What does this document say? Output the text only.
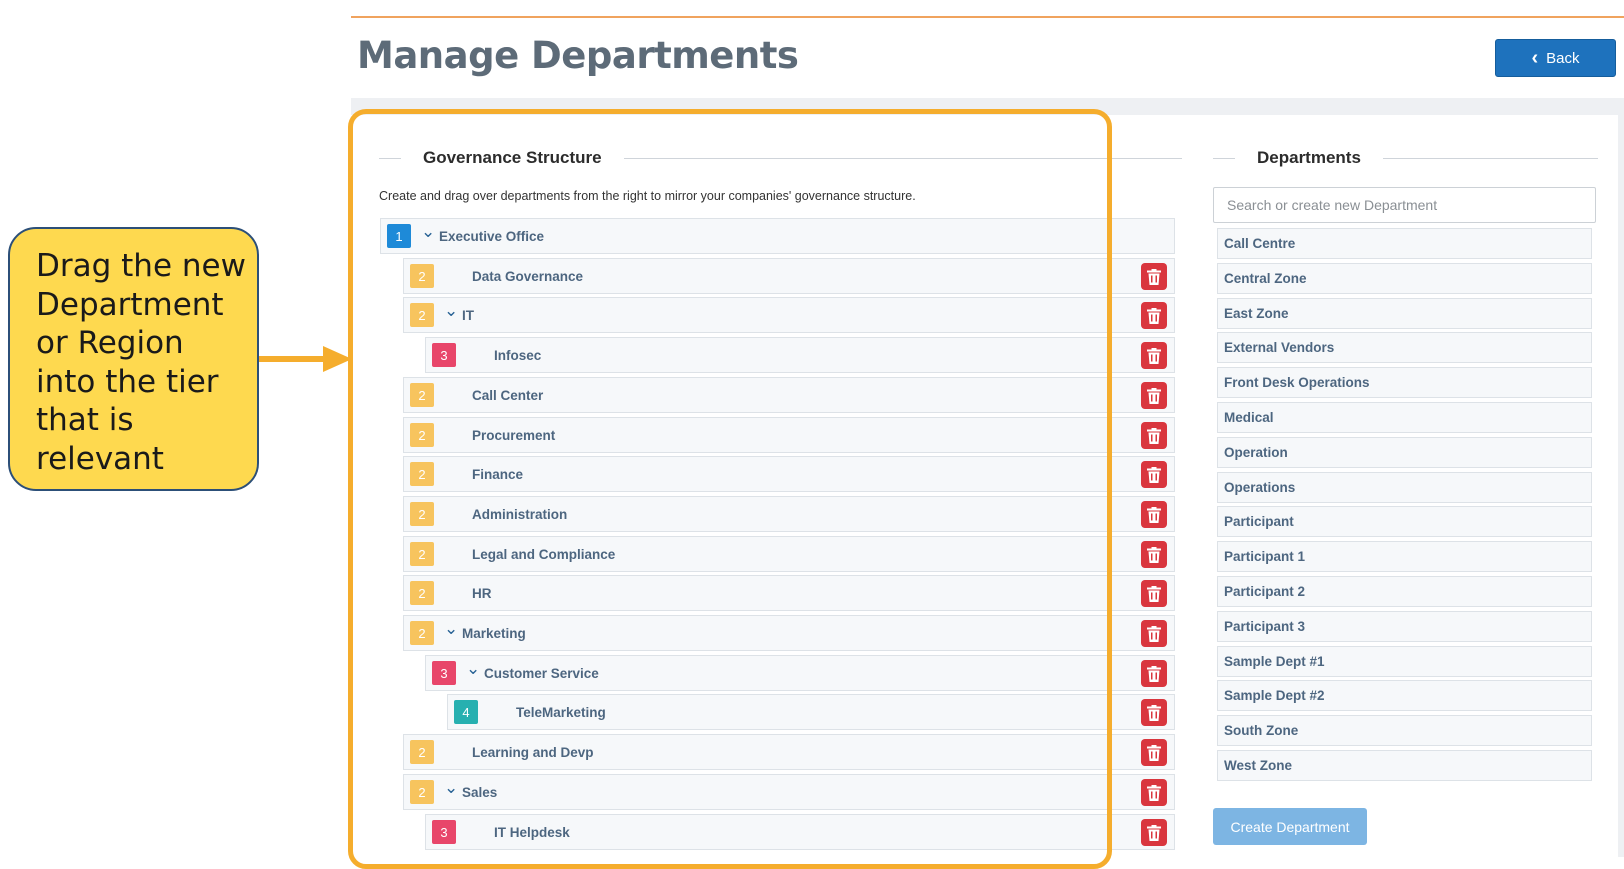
Manage Departments	‹ Back
Governance Structure
Create and drag over departments from the right to mirror your companies' governance structure.
1	⌄ Executive Office
2	Data Governance
2	⌄ IT
3	Infosec
2	Call Center
2	Procurement
2	Finance
2	Administration
2	Legal and Compliance
2	HR
2	⌄ Marketing
3	⌄ Customer Service
4	TeleMarketing
2	Learning and Devp
2	⌄ Sales
3	IT Helpdesk
Departments
Search or create new Department
Call Centre
Central Zone
East Zone
External Vendors
Front Desk Operations
Medical
Operation
Operations
Participant
Participant 1
Participant 2
Participant 3
Sample Dept #1
Sample Dept #2
South Zone
West Zone
Create Department
Drag the new Department or Region into the tier that is relevant
